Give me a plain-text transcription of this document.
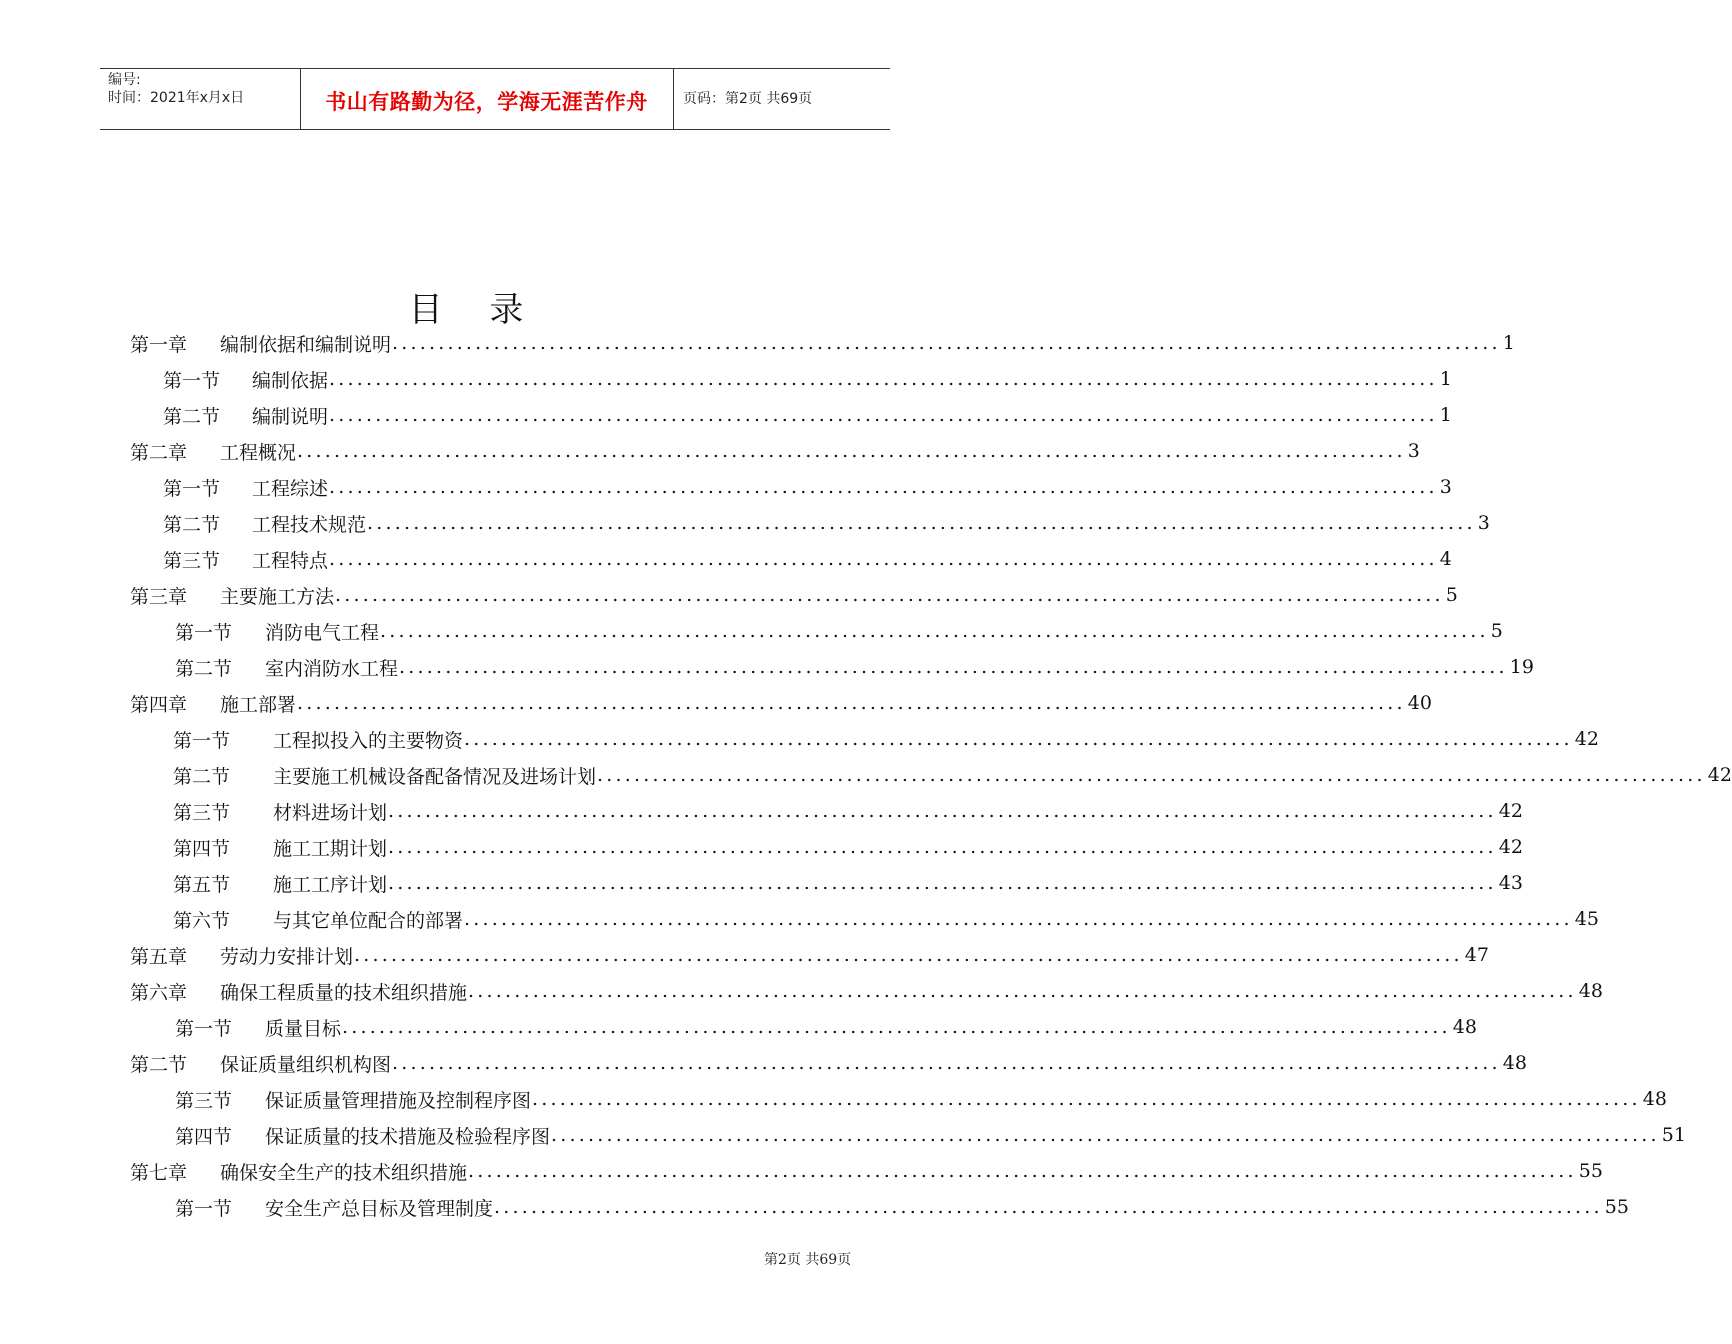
编号:
时间：2021年x月x日	书山有路勤为径，学海无涯苦作舟	页码：第2页 共69页
目 录
第一章	编制依据和编制说明 ........................................................................................................................ 1
第一节	编制依据 ........................................................................................................................ 1
第二节	编制说明 ........................................................................................................................ 1
第二章	工程概况 ........................................................................................................................ 3
第一节	工程综述 ........................................................................................................................ 3
第二节	工程技术规范 ........................................................................................................................ 3
第三节	工程特点 ........................................................................................................................ 4
第三章	主要施工方法 ........................................................................................................................ 5
第一节	消防电气工程 ........................................................................................................................ 5
第二节	室内消防水工程 ........................................................................................................................ 19
第四章	施工部署 ........................................................................................................................ 40
第一节	工程拟投入的主要物资 ........................................................................................................................ 42
第二节	主要施工机械设备配备情况及进场计划 ........................................................................................................................ 42
第三节	材料进场计划 ........................................................................................................................ 42
第四节	施工工期计划 ........................................................................................................................ 42
第五节	施工工序计划 ........................................................................................................................ 43
第六节	与其它单位配合的部署 ........................................................................................................................ 45
第五章	劳动力安排计划 ........................................................................................................................ 47
第六章	确保工程质量的技术组织措施 ........................................................................................................................ 48
第一节	质量目标 ........................................................................................................................ 48
第二节	保证质量组织机构图 ........................................................................................................................ 48
第三节	保证质量管理措施及控制程序图 ........................................................................................................................ 48
第四节	保证质量的技术措施及检验程序图 ........................................................................................................................ 51
第七章	确保安全生产的技术组织措施 ........................................................................................................................ 55
第一节	安全生产总目标及管理制度 ........................................................................................................................ 55
第2页 共69页
